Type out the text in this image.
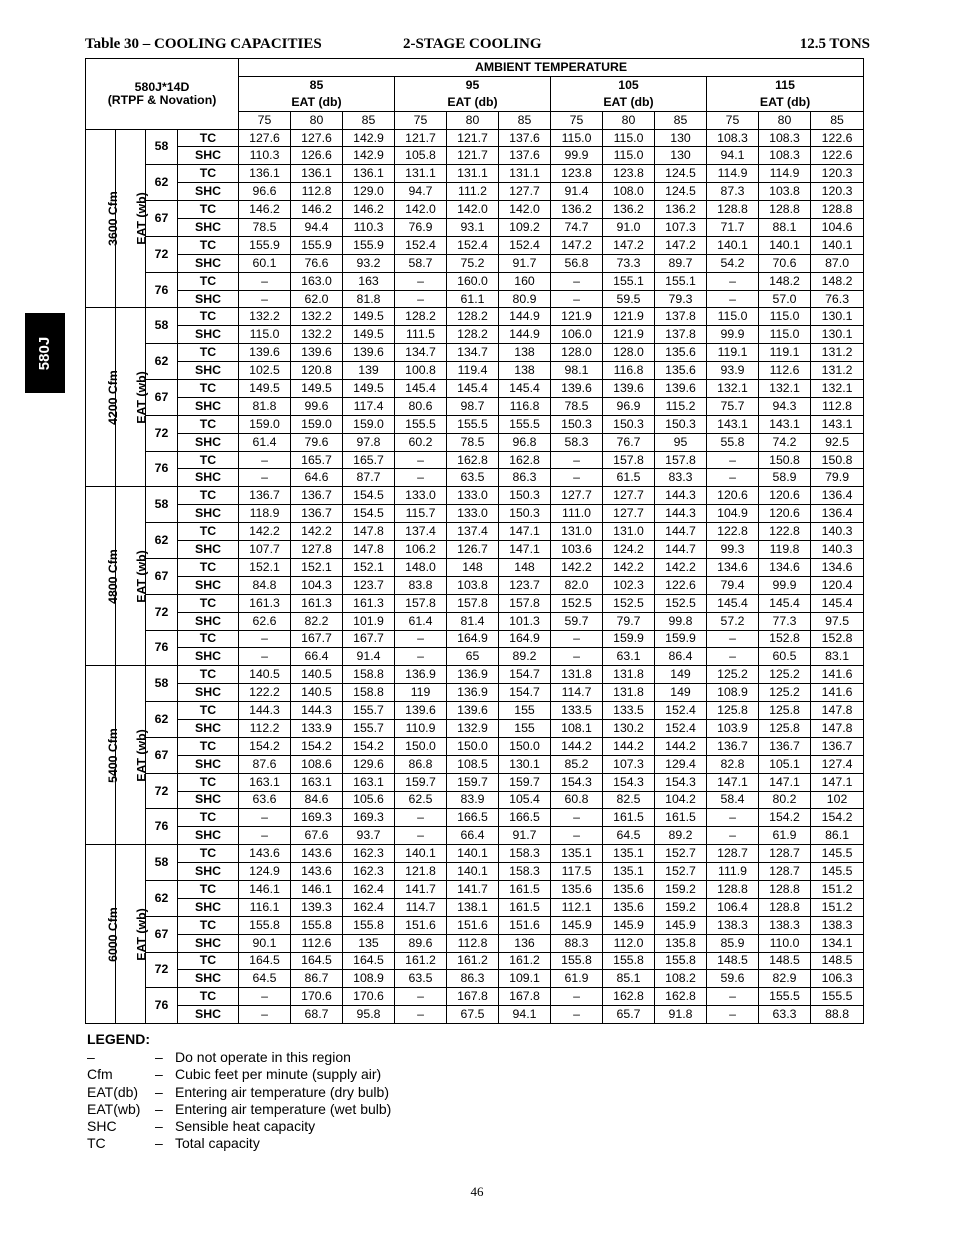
Table 30 – COOLING CAPACITIES	2-STAGE COOLING	12.5 TONS
580J
580J*14D
(RTPF & Novation)				AMBIENT TEMPERATURE											
				85			95			105			115		
				EAT (db)			EAT (db)			EAT (db)			EAT (db)		
				75	80	85	75	80	85	75	80	85	75	80	85
3600 Cfm	EAT (wb)	58	TC	127.6	127.6	142.9	121.7	121.7	137.6	115.0	115.0	130	108.3	108.3	122.6
			SHC	110.3	126.6	142.9	105.8	121.7	137.6	99.9	115.0	130	94.1	108.3	122.6
		62	TC	136.1	136.1	136.1	131.1	131.1	131.1	123.8	123.8	124.5	114.9	114.9	120.3
			SHC	96.6	112.8	129.0	94.7	111.2	127.7	91.4	108.0	124.5	87.3	103.8	120.3
		67	TC	146.2	146.2	146.2	142.0	142.0	142.0	136.2	136.2	136.2	128.8	128.8	128.8
			SHC	78.5	94.4	110.3	76.9	93.1	109.2	74.7	91.0	107.3	71.7	88.1	104.6
		72	TC	155.9	155.9	155.9	152.4	152.4	152.4	147.2	147.2	147.2	140.1	140.1	140.1
			SHC	60.1	76.6	93.2	58.7	75.2	91.7	56.8	73.3	89.7	54.2	70.6	87.0
		76	TC	–	163.0	163	–	160.0	160	–	155.1	155.1	–	148.2	148.2
			SHC	–	62.0	81.8	–	61.1	80.9	–	59.5	79.3	–	57.0	76.3
4200 Cfm	EAT (wb)	58	TC	132.2	132.2	149.5	128.2	128.2	144.9	121.9	121.9	137.8	115.0	115.0	130.1
			SHC	115.0	132.2	149.5	111.5	128.2	144.9	106.0	121.9	137.8	99.9	115.0	130.1
		62	TC	139.6	139.6	139.6	134.7	134.7	138	128.0	128.0	135.6	119.1	119.1	131.2
			SHC	102.5	120.8	139	100.8	119.4	138	98.1	116.8	135.6	93.9	112.6	131.2
		67	TC	149.5	149.5	149.5	145.4	145.4	145.4	139.6	139.6	139.6	132.1	132.1	132.1
			SHC	81.8	99.6	117.4	80.6	98.7	116.8	78.5	96.9	115.2	75.7	94.3	112.8
		72	TC	159.0	159.0	159.0	155.5	155.5	155.5	150.3	150.3	150.3	143.1	143.1	143.1
			SHC	61.4	79.6	97.8	60.2	78.5	96.8	58.3	76.7	95	55.8	74.2	92.5
		76	TC	–	165.7	165.7	–	162.8	162.8	–	157.8	157.8	–	150.8	150.8
			SHC	–	64.6	87.7	–	63.5	86.3	–	61.5	83.3	–	58.9	79.9
4800 Cfm	EAT (wb)	58	TC	136.7	136.7	154.5	133.0	133.0	150.3	127.7	127.7	144.3	120.6	120.6	136.4
			SHC	118.9	136.7	154.5	115.7	133.0	150.3	111.0	127.7	144.3	104.9	120.6	136.4
		62	TC	142.2	142.2	147.8	137.4	137.4	147.1	131.0	131.0	144.7	122.8	122.8	140.3
			SHC	107.7	127.8	147.8	106.2	126.7	147.1	103.6	124.2	144.7	99.3	119.8	140.3
		67	TC	152.1	152.1	152.1	148.0	148	148	142.2	142.2	142.2	134.6	134.6	134.6
			SHC	84.8	104.3	123.7	83.8	103.8	123.7	82.0	102.3	122.6	79.4	99.9	120.4
		72	TC	161.3	161.3	161.3	157.8	157.8	157.8	152.5	152.5	152.5	145.4	145.4	145.4
			SHC	62.6	82.2	101.9	61.4	81.4	101.3	59.7	79.7	99.8	57.2	77.3	97.5
		76	TC	–	167.7	167.7	–	164.9	164.9	–	159.9	159.9	–	152.8	152.8
			SHC	–	66.4	91.4	–	65	89.2	–	63.1	86.4	–	60.5	83.1
5400 Cfm	EAT (wb)	58	TC	140.5	140.5	158.8	136.9	136.9	154.7	131.8	131.8	149	125.2	125.2	141.6
			SHC	122.2	140.5	158.8	119	136.9	154.7	114.7	131.8	149	108.9	125.2	141.6
		62	TC	144.3	144.3	155.7	139.6	139.6	155	133.5	133.5	152.4	125.8	125.8	147.8
			SHC	112.2	133.9	155.7	110.9	132.9	155	108.1	130.2	152.4	103.9	125.8	147.8
		67	TC	154.2	154.2	154.2	150.0	150.0	150.0	144.2	144.2	144.2	136.7	136.7	136.7
			SHC	87.6	108.6	129.6	86.8	108.5	130.1	85.2	107.3	129.4	82.8	105.1	127.4
		72	TC	163.1	163.1	163.1	159.7	159.7	159.7	154.3	154.3	154.3	147.1	147.1	147.1
			SHC	63.6	84.6	105.6	62.5	83.9	105.4	60.8	82.5	104.2	58.4	80.2	102
		76	TC	–	169.3	169.3	–	166.5	166.5	–	161.5	161.5	–	154.2	154.2
			SHC	–	67.6	93.7	–	66.4	91.7	–	64.5	89.2	–	61.9	86.1
6000 Cfm	EAT (wb)	58	TC	143.6	143.6	162.3	140.1	140.1	158.3	135.1	135.1	152.7	128.7	128.7	145.5
			SHC	124.9	143.6	162.3	121.8	140.1	158.3	117.5	135.1	152.7	111.9	128.7	145.5
		62	TC	146.1	146.1	162.4	141.7	141.7	161.5	135.6	135.6	159.2	128.8	128.8	151.2
			SHC	116.1	139.3	162.4	114.7	138.1	161.5	112.1	135.6	159.2	106.4	128.8	151.2
		67	TC	155.8	155.8	155.8	151.6	151.6	151.6	145.9	145.9	145.9	138.3	138.3	138.3
			SHC	90.1	112.6	135	89.6	112.8	136	88.3	112.0	135.8	85.9	110.0	134.1
		72	TC	164.5	164.5	164.5	161.2	161.2	161.2	155.8	155.8	155.8	148.5	148.5	148.5
			SHC	64.5	86.7	108.9	63.5	86.3	109.1	61.9	85.1	108.2	59.6	82.9	106.3
		76	TC	–	170.6	170.6	–	167.8	167.8	–	162.8	162.8	–	155.5	155.5
			SHC	–	68.7	95.8	–	67.5	94.1	–	65.7	91.8	–	63.3	88.8
LEGEND:
–	– Do not operate in this region
Cfm	– Cubic feet per minute (supply air)
EAT(db) – Entering air temperature (dry bulb)
EAT(wb) – Entering air temperature (wet bulb)
SHC	– Sensible heat capacity
TC	– Total capacity
46
